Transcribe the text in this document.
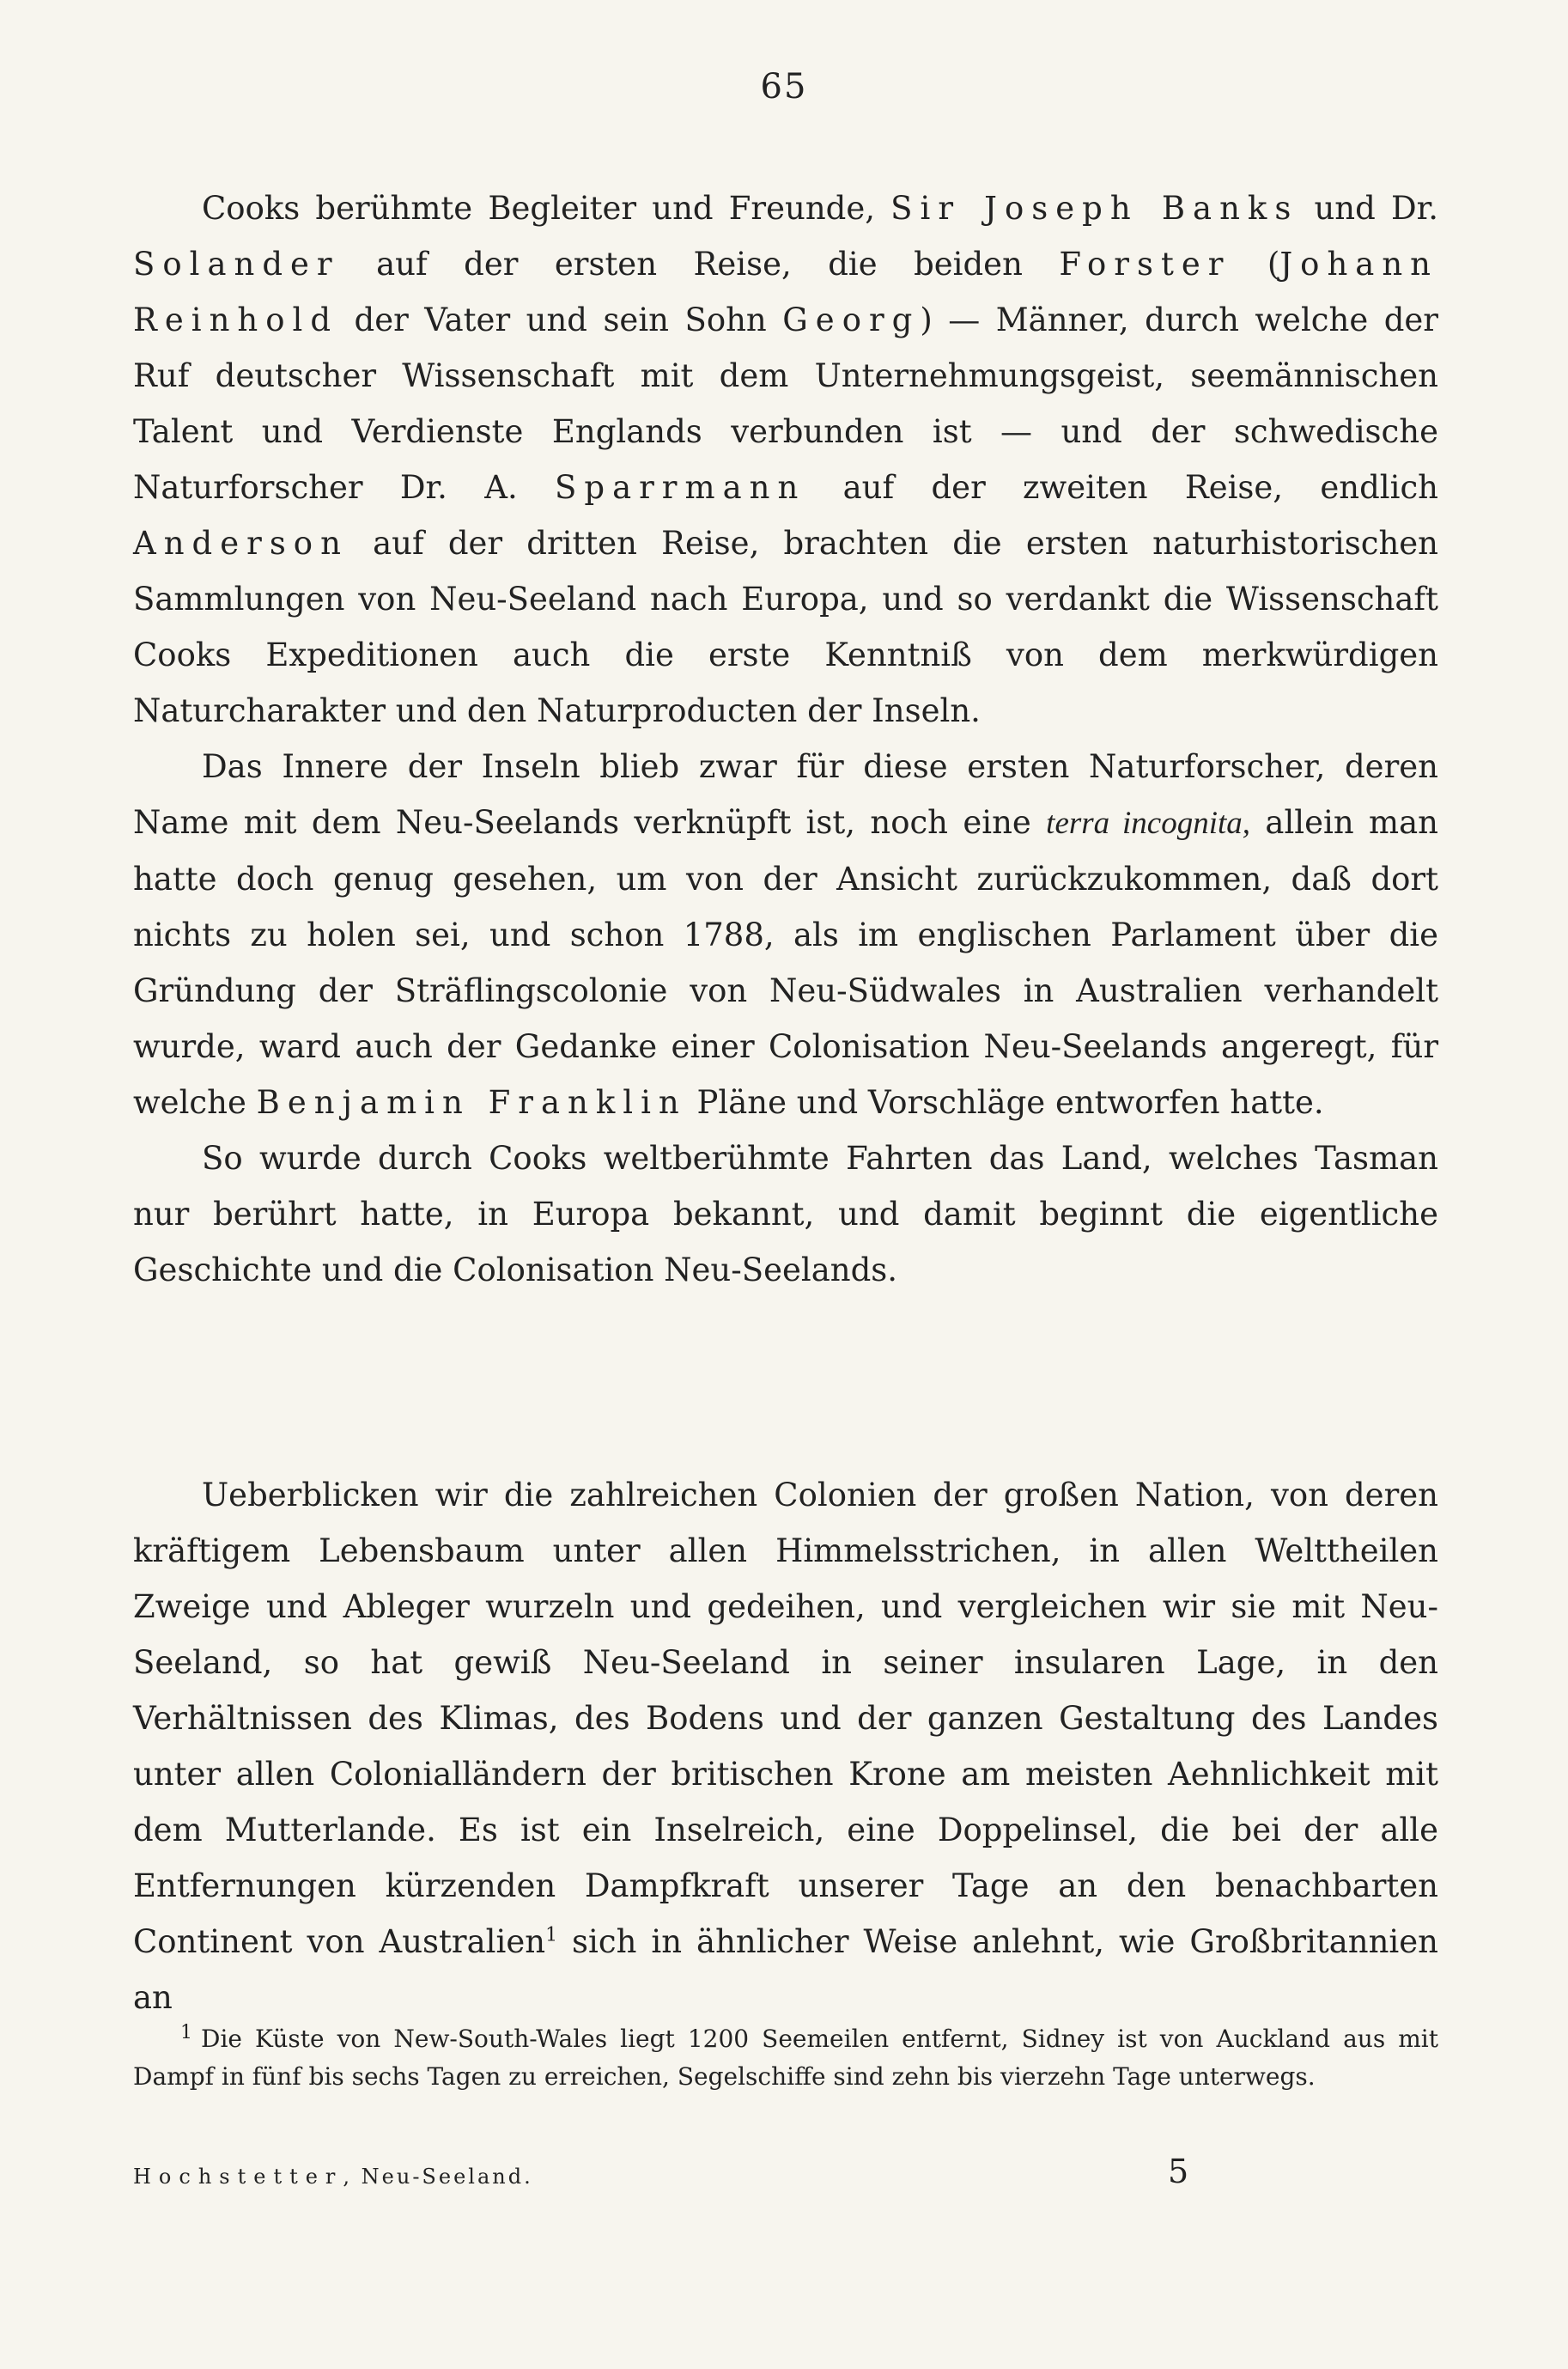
65

Cooks berühmte Begleiter und Freunde, Sir Joseph Banks und Dr. Solander auf der ersten Reise, die beiden Forster (Johann Reinhold der Vater und sein Sohn Georg) — Männer, durch welche der Ruf deutscher Wissenschaft mit dem Unternehmungsgeist, seemännischen Talent und Verdienste Englands verbunden ist — und der schwedische Naturforscher Dr. A. Sparrmann auf der zweiten Reise, endlich Anderson auf der dritten Reise, brachten die ersten naturhistorischen Sammlungen von Neu-Seeland nach Europa, und so verdankt die Wissenschaft Cooks Expeditionen auch die erste Kenntniß von dem merkwürdigen Naturcharakter und den Naturproducten der Inseln.

Das Innere der Inseln blieb zwar für diese ersten Naturforscher, deren Name mit dem Neu-Seelands verknüpft ist, noch eine terra incognita, allein man hatte doch genug gesehen, um von der Ansicht zurückzukommen, daß dort nichts zu holen sei, und schon 1788, als im englischen Parlament über die Gründung der Sträflingscolonie von Neu-Südwales in Australien verhandelt wurde, ward auch der Gedanke einer Colonisation Neu-Seelands angeregt, für welche Benjamin Franklin Pläne und Vorschläge entworfen hatte.

So wurde durch Cooks weltberühmte Fahrten das Land, welches Tasman nur berührt hatte, in Europa bekannt, und damit beginnt die eigentliche Geschichte und die Colonisation Neu-Seelands.

Ueberblicken wir die zahlreichen Colonien der großen Nation, von deren kräftigem Lebensbaum unter allen Himmelsstrichen, in allen Welttheilen Zweige und Ableger wurzeln und gedeihen, und vergleichen wir sie mit Neu-Seeland, so hat gewiß Neu-Seeland in seiner insularen Lage, in den Verhältnissen des Klimas, des Bodens und der ganzen Gestaltung des Landes unter allen Colonialländern der britischen Krone am meisten Aehnlichkeit mit dem Mutterlande. Es ist ein Inselreich, eine Doppelinsel, die bei der alle Entfernungen kürzenden Dampfkraft unserer Tage an den benachbarten Continent von Australien$^1$ sich in ähnlicher Weise anlehnt, wie Großbritannien an

$^1$ Die Küste von New-South-Wales liegt 1200 Seemeilen entfernt, Sidney ist von Auckland aus mit Dampf in fünf bis sechs Tagen zu erreichen, Segelschiffe sind zehn bis vierzehn Tage unterwegs.
Hochstetter, Neu-Seeland.	5
